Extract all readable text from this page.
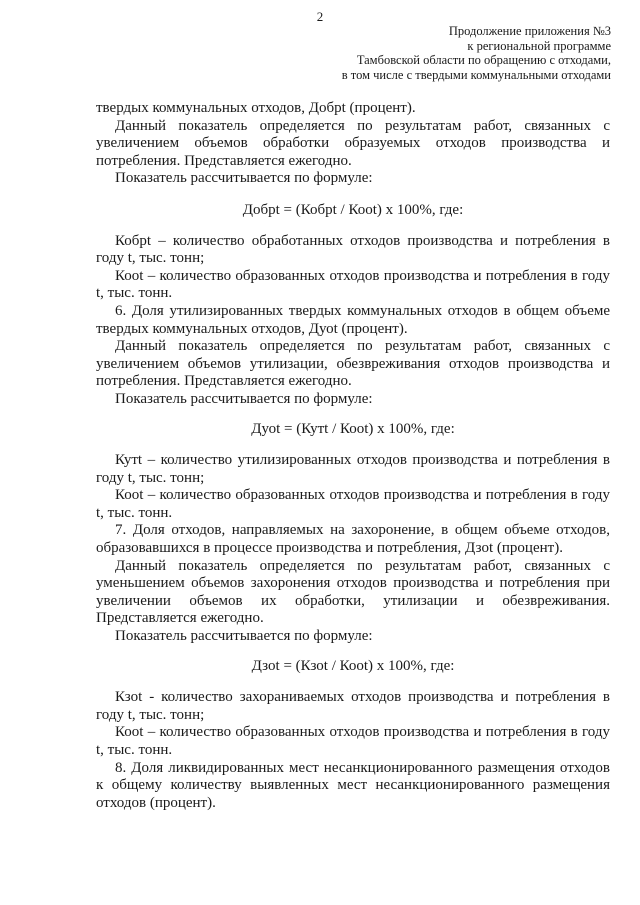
2
Продолжение приложения №3
к региональной программе
Тамбовской области по обращению с отходами,
в том числе с твердыми коммунальными отходами

твердых коммунальных отходов, Добрt (процент).

Данный показатель определяется по результатам работ, связанных с увеличением объемов обработки образуемых отходов производства и потребления. Представляется ежегодно.

Показатель рассчитывается по формуле:

Добрt = (Кобрt / Кооt) х 100%, где:

Кобрt – количество обработанных отходов производства и потребления в году t, тыс. тонн;

Кооt – количество образованных отходов производства и потребления в году t, тыс. тонн.

6. Доля утилизированных твердых коммунальных отходов в общем объеме твердых коммунальных отходов, Дуоt (процент).

Данный показатель определяется по результатам работ, связанных с увеличением объемов утилизации, обезвреживания отходов производства и потребления. Представляется ежегодно.

Показатель рассчитывается по формуле:

Дуоt = (Кутt / Кооt) х 100%, где:

Кутt – количество утилизированных отходов производства и потребления в году t, тыс. тонн;

Кооt – количество образованных отходов производства и потребления в году t, тыс. тонн.

7. Доля отходов, направляемых на захоронение, в общем объеме отходов, образовавшихся в процессе производства и потребления, Дзоt (процент).

Данный показатель определяется по результатам работ, связанных с уменьшением объемов захоронения отходов производства и потребления при увеличении объемов их обработки, утилизации и обезвреживания. Представляется ежегодно.

Показатель рассчитывается по формуле:

Дзоt = (Кзоt / Кооt) х 100%, где:

Кзоt - количество захораниваемых отходов производства и потребления в году t, тыс. тонн;

Кооt – количество образованных отходов производства и потребления в году t, тыс. тонн.

8. Доля ликвидированных мест несанкционированного размещения отходов к общему количеству выявленных мест несанкционированного размещения отходов (процент).
